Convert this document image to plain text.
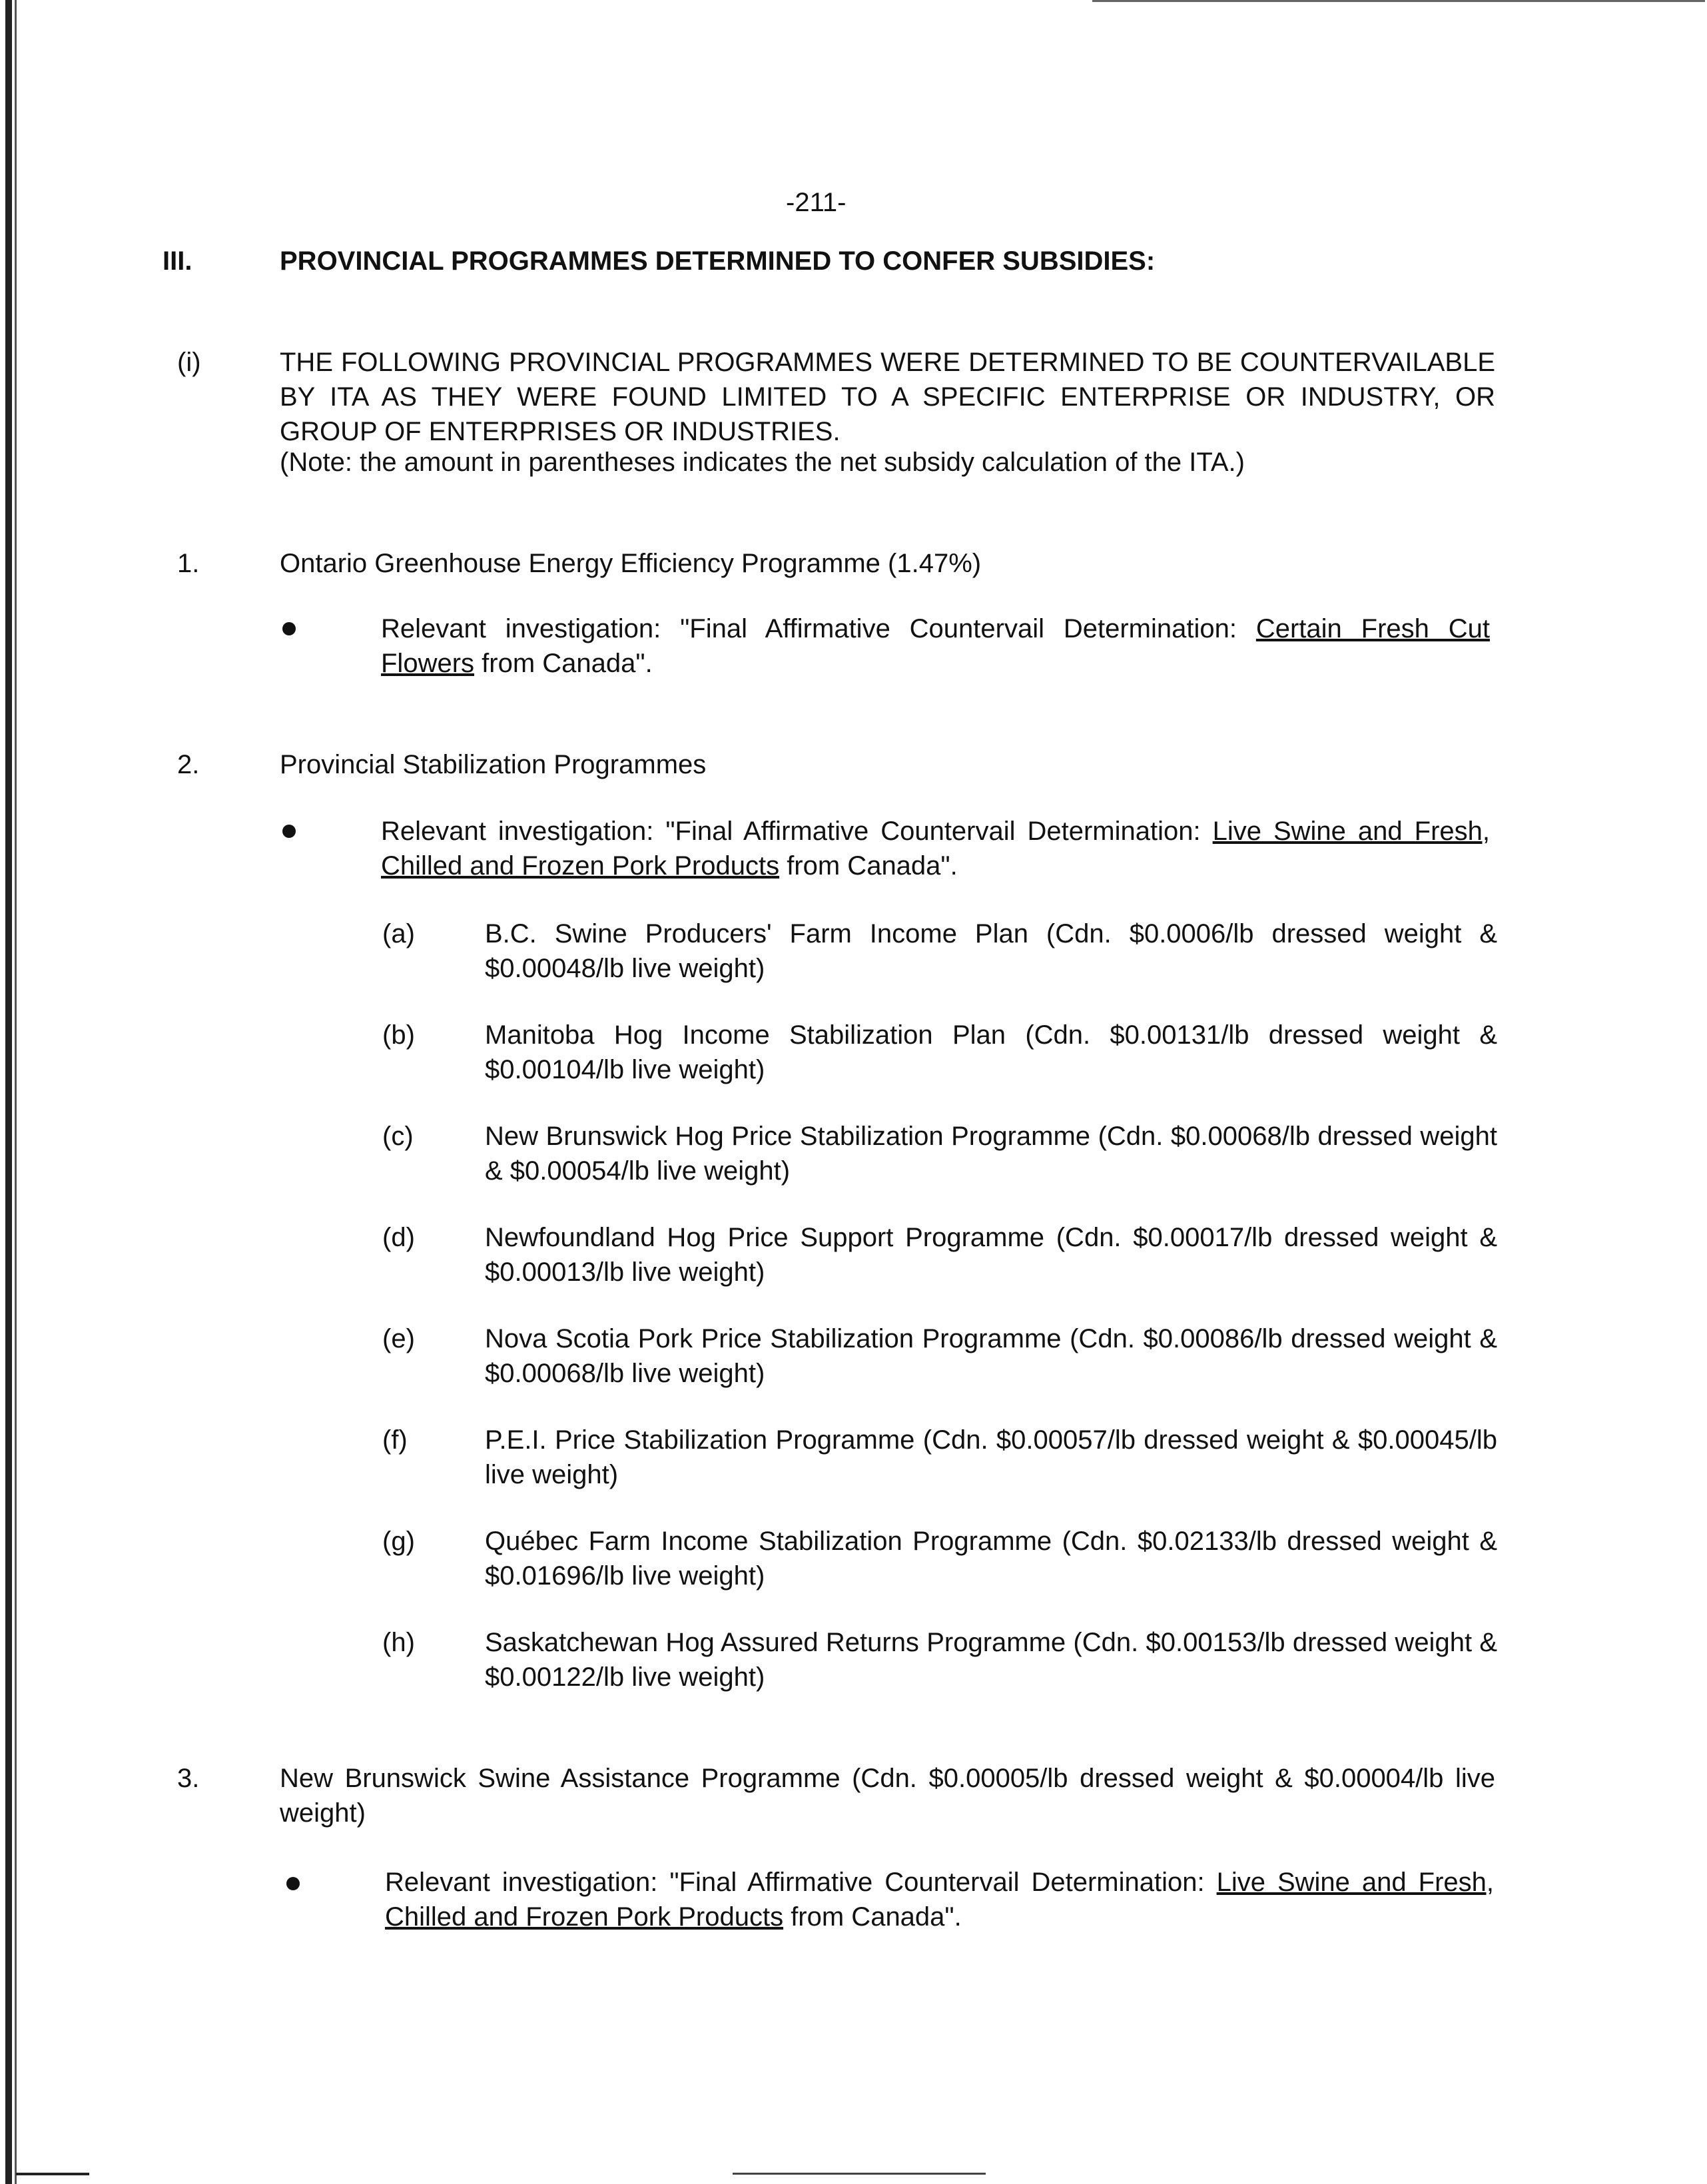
-211-
III.	PROVINCIAL PROGRAMMES DETERMINED TO CONFER SUBSIDIES:
(i)	THE FOLLOWING PROVINCIAL PROGRAMMES WERE DETERMINED TO BE COUNTERVAILABLE BY ITA AS THEY WERE FOUND LIMITED TO A SPECIFIC ENTERPRISE OR INDUSTRY, OR GROUP OF ENTERPRISES OR INDUSTRIES.
(Note: the amount in parentheses indicates the net subsidy calculation of the ITA.)
1.	Ontario Greenhouse Energy Efficiency Programme (1.47%)
Relevant investigation: "Final Affirmative Countervail Determination: Certain Fresh Cut Flowers from Canada".
2.	Provincial Stabilization Programmes
Relevant investigation: "Final Affirmative Countervail Determination: Live Swine and Fresh, Chilled and Frozen Pork Products from Canada".
(a)	B.C. Swine Producers' Farm Income Plan (Cdn. $0.0006/lb dressed weight & $0.00048/lb live weight)
(b)	Manitoba Hog Income Stabilization Plan (Cdn. $0.00131/lb dressed weight & $0.00104/lb live weight)
(c)	New Brunswick Hog Price Stabilization Programme (Cdn. $0.00068/lb dressed weight & $0.00054/lb live weight)
(d)	Newfoundland Hog Price Support Programme (Cdn. $0.00017/lb dressed weight & $0.00013/lb live weight)
(e)	Nova Scotia Pork Price Stabilization Programme (Cdn. $0.00086/lb dressed weight & $0.00068/lb live weight)
(f)	P.E.I. Price Stabilization Programme (Cdn. $0.00057/lb dressed weight & $0.00045/lb live weight)
(g)	Québec Farm Income Stabilization Programme (Cdn. $0.02133/lb dressed weight & $0.01696/lb live weight)
(h)	Saskatchewan Hog Assured Returns Programme (Cdn. $0.00153/lb dressed weight & $0.00122/lb live weight)
3.	New Brunswick Swine Assistance Programme (Cdn. $0.00005/lb dressed weight & $0.00004/lb live weight)
Relevant investigation: "Final Affirmative Countervail Determination: Live Swine and Fresh, Chilled and Frozen Pork Products from Canada".
